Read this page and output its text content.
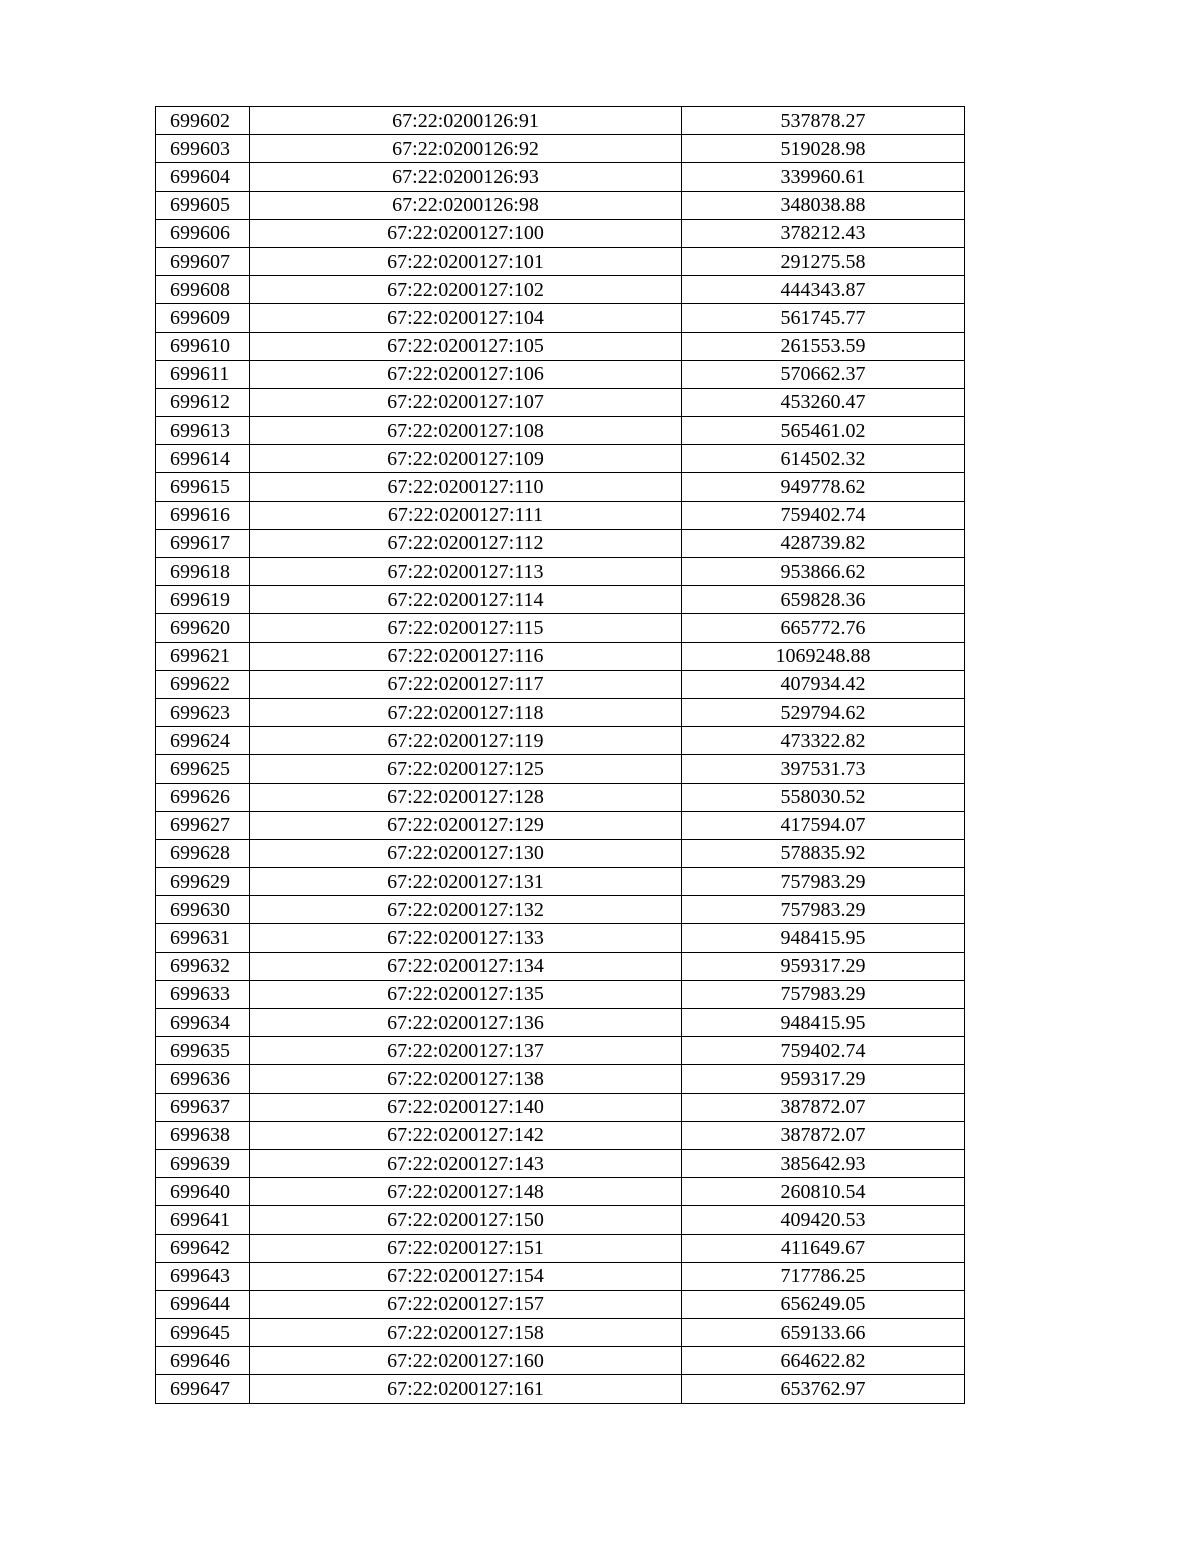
699602	67:22:0200126:91	537878.27
699603	67:22:0200126:92	519028.98
699604	67:22:0200126:93	339960.61
699605	67:22:0200126:98	348038.88
699606	67:22:0200127:100	378212.43
699607	67:22:0200127:101	291275.58
699608	67:22:0200127:102	444343.87
699609	67:22:0200127:104	561745.77
699610	67:22:0200127:105	261553.59
699611	67:22:0200127:106	570662.37
699612	67:22:0200127:107	453260.47
699613	67:22:0200127:108	565461.02
699614	67:22:0200127:109	614502.32
699615	67:22:0200127:110	949778.62
699616	67:22:0200127:111	759402.74
699617	67:22:0200127:112	428739.82
699618	67:22:0200127:113	953866.62
699619	67:22:0200127:114	659828.36
699620	67:22:0200127:115	665772.76
699621	67:22:0200127:116	1069248.88
699622	67:22:0200127:117	407934.42
699623	67:22:0200127:118	529794.62
699624	67:22:0200127:119	473322.82
699625	67:22:0200127:125	397531.73
699626	67:22:0200127:128	558030.52
699627	67:22:0200127:129	417594.07
699628	67:22:0200127:130	578835.92
699629	67:22:0200127:131	757983.29
699630	67:22:0200127:132	757983.29
699631	67:22:0200127:133	948415.95
699632	67:22:0200127:134	959317.29
699633	67:22:0200127:135	757983.29
699634	67:22:0200127:136	948415.95
699635	67:22:0200127:137	759402.74
699636	67:22:0200127:138	959317.29
699637	67:22:0200127:140	387872.07
699638	67:22:0200127:142	387872.07
699639	67:22:0200127:143	385642.93
699640	67:22:0200127:148	260810.54
699641	67:22:0200127:150	409420.53
699642	67:22:0200127:151	411649.67
699643	67:22:0200127:154	717786.25
699644	67:22:0200127:157	656249.05
699645	67:22:0200127:158	659133.66
699646	67:22:0200127:160	664622.82
699647	67:22:0200127:161	653762.97
